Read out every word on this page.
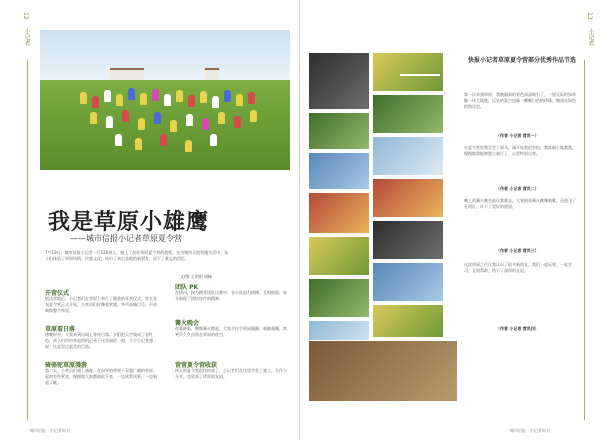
小记者
12
我是草原小雄鹰
——城市信报小记者草原夏令营
7月19日，城市信报小记者一行120余人，踏上了前往草原夏令营的旅程。在为期四天的营地生活中，孩子们体验了草原风情、民族文化，结识了来自各地的新朋友，留下了难忘的回忆。
文/图 王明明 胡畅
开营仪式
抵达营地后，小记者们在草原上举行了隆重的开营仪式。营长宣布夏令营正式开始，小营员们挥舞着营旗，齐声高喊口号，声音响彻整个草原。
草原看日落
傍晚时分，大家来到山坡上等待日落。夕阳把天空染成了金红色，孩子们纷纷拿起相机记录下这美丽的一刻，不少小记者感叹：这是见过最美的日落。
骑骆驼草原漫游
第二天，小营员们骑上骆驼，在向导的带领下穿越广阔的草原。起初有些紧张，慢慢地大家都放松下来，一边欣赏风景，一边唱起了歌。
团队 PK
在拔河、接力跑等团队比赛中，各小队奋力拼搏，互相鼓励，充分展现了团结协作的精神。
篝火晚会
夜幕降临，熊熊篝火燃起，大家手拉手围成圆圈，载歌载舞，欢笑声久久回荡在草原的夜空。
营营夏令营收获
四天的夏令营很快结束了，小记者们在这里学会了独立、合作与分享，也收获了珍贵的友谊。
城市信报 · 小记者周刊
小记者
13
快报小记者草原夏令营部分优秀作品节选
第一次来到草原，我被眼前的景色深深吸引了。一望无际的绿草像一块大地毯，远处的蒙古包像一颗颗白色的珍珠，散落在绿色的海洋里。
（作者 小记者 营员一）
在夏令营里我学会了骑马。刚开始我很害怕，教练耐心地教我，慢慢地我能够独立骑行了，心里特别自豪。
（作者 小记者 营员二）
晚上的篝火晚会最让我难忘。大家围着篝火跳舞唱歌，还放飞了孔明灯，许下了美好的愿望。
（作者 小记者 营员三）
这次草原之行让我认识了很多新朋友，我们一起玩耍，一起学习，互相帮助，结下了深厚的友谊。
（作者 小记者 营员四）
城市信报 · 小记者周刊
